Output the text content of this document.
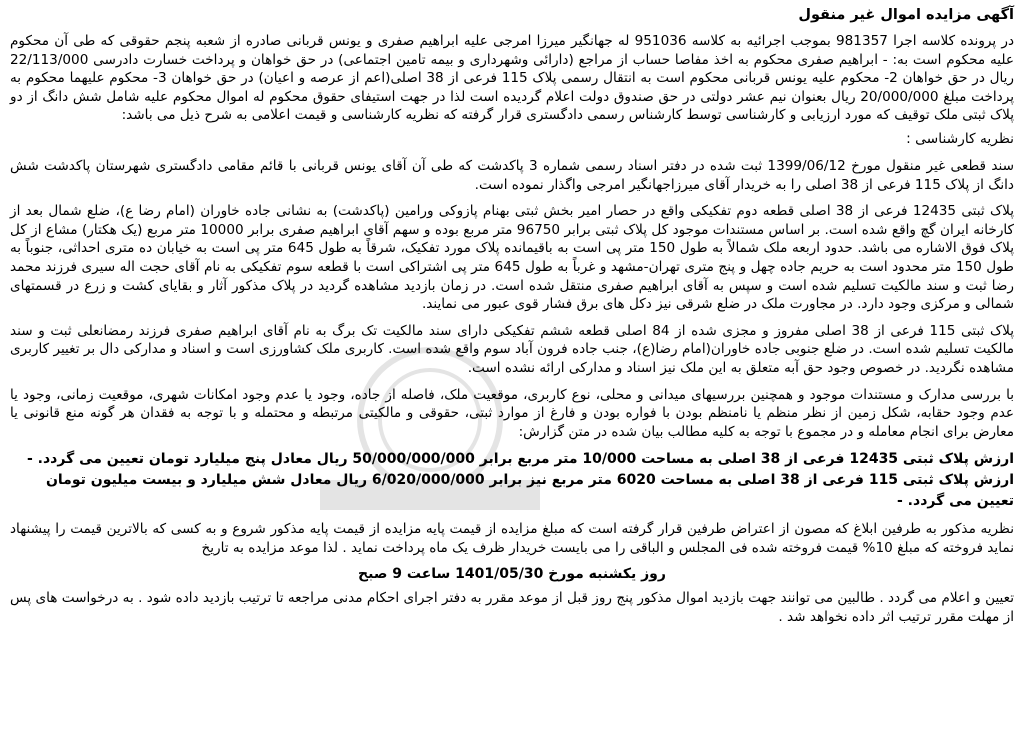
آگهی مزایده اموال غیر منقول

در پرونده کلاسه اجرا 981357 بموجب اجرائیه به کلاسه 951036 له جهانگیر میرزا امرجی علیه ابراهیم صفری و یونس قربانی صادره از شعبه پنجم حقوقی که طی آن محکوم علیه محکوم است به: - ابراهیم صفری محکوم به اخذ مفاصا حساب از مراجع (دارائی وشهرداری و بیمه تامین اجتماعی) در حق خواهان و پرداخت خسارت دادرسی 22/113/000 ریال در حق خواهان 2- محکوم علیه یونس قربانی محکوم است به انتقال رسمی پلاک 115 فرعی از 38 اصلی(اعم از عرصه و اعیان) در حق خواهان 3- محکوم علیهما محکوم به پرداخت مبلغ 20/000/000 ریال بعنوان نیم عشر دولتی در حق صندوق دولت اعلام گردیده است لذا در جهت استیفای حقوق محکوم له اموال محکوم علیه شامل شش دانگ از دو پلاک ثبتی ملک توقیف که مورد ارزیابی و کارشناسی توسط کارشناس رسمی دادگستری قرار گرفته که نظریه کارشناسی و قیمت اعلامی به شرح ذیل می باشد:

نظریه کارشناسی :

سند قطعی غیر منقول مورخ 1399/06/12 ثبت شده در دفتر اسناد رسمی شماره 3 پاکدشت که طی آن آقای یونس قربانی با قائم مقامی دادگستری شهرستان پاکدشت شش دانگ از پلاک 115 فرعی از 38 اصلی را به خریدار آقای میرزاجهانگیر امرجی واگذار نموده است.

پلاک ثبتی 12435 فرعی از 38 اصلی قطعه دوم تفکیکی واقع در حصار امیر بخش ثبتی بهنام پازوکی ورامین (پاکدشت) به نشانی جاده خاوران (امام رضا ع)، ضلع شمال بعد از کارخانه ایران گچ واقع شده است. بر اساس مستندات موجود کل پلاک ثبتی برابر 96750 متر مربع بوده و سهم آقای ابراهیم صفری برابر 10000 متر مربع (یک هکتار) مشاع از کل پلاک فوق الاشاره می باشد. حدود اربعه ملک شمالاً به طول 150 متر پی است به باقیمانده پلاک مورد تفکیک، شرقاً به طول 645 متر پی است به خیابان ده متری احداثی، جنوباً به طول 150 متر محدود است به حریم جاده چهل و پنج متری تهران-مشهد و غرباً به طول 645 متر پی اشتراکی است با قطعه سوم تفکیکی به نام آقای حجت اله سیری فرزند محمد رضا ثبت و سند مالکیت تسلیم شده است و سپس به آقای ابراهیم صفری منتقل شده است. در زمان بازدید مشاهده گردید در پلاک مذکور آثار و بقایای کشت و زرع در قسمتهای شمالی و مرکزی وجود دارد. در مجاورت ملک در ضلع شرقی نیز دکل های برق فشار قوی عبور می نمایند.

پلاک ثبتی 115 فرعی از 38 اصلی مفروز و مجزی شده از 84 اصلی قطعه ششم تفکیکی دارای سند مالکیت تک برگ به نام آقای ابراهیم صفری فرزند رمضانعلی ثبت و سند مالکیت تسلیم شده است. در ضلع جنوبی جاده خاوران(امام رضا(ع)، جنب جاده فرون آباد سوم واقع شده است. کاربری ملک کشاورزی است و اسناد و مدارکی دال بر تغییر کاربری مشاهده نگردید. در خصوص وجود حق آبه متعلق به این ملک نیز اسناد و مدارکی ارائه نشده است.

با بررسی مدارک و مستندات موجود و همچنین بررسیهای میدانی و محلی، نوع کاربری، موقعیت ملک، فاصله از جاده، وجود یا عدم وجود امکانات شهری، موقعیت زمانی، وجود یا عدم وجود حقابه، شکل زمین از نظر منظم یا نامنظم بودن با فواره بودن و فارغ از موارد ثبتی، حقوقی و مالکیتی مرتبطه و محتمله و با توجه به فقدان هر گونه منع قانونی یا معارض برای انجام معامله و در مجموع با توجه به کلیه مطالب بیان شده در متن گزارش:

ارزش پلاک ثبتی 12435 فرعی از 38 اصلی به مساحت 10/000 متر مربع برابر 50/000/000/000 ریال معادل پنج میلیارد تومان تعیین می گردد. -
ارزش پلاک ثبتی 115 فرعی از 38 اصلی به مساحت 6020 متر مربع نیز برابر 6/020/000/000 ریال معادل شش میلیارد و بیست میلیون تومان تعیین می گردد. -

نظریه مذکور به طرفین ابلاغ که مصون از اعتراض طرفین قرار گرفته است که مبلغ مزایده از قیمت پایه مزایده از قیمت پایه مذکور شروع و به کسی که بالاترین قیمت را پیشنهاد نماید فروخته که مبلغ 10% قیمت فروخته شده فی المجلس و الباقی را می بایست خریدار ظرف یک ماه پرداخت نماید . لذا موعد مزایده به تاریخ

روز یکشنبه مورخ 1401/05/30 ساعت 9 صبح

تعیین و اعلام می گردد . طالبین می توانند جهت بازدید اموال مذکور پنج روز قبل از موعد مقرر به دفتر اجرای احکام مدنی مراجعه تا ترتیب بازدید داده شود . به درخواست های پس از مهلت مقرر ترتیب اثر داده نخواهد شد .
